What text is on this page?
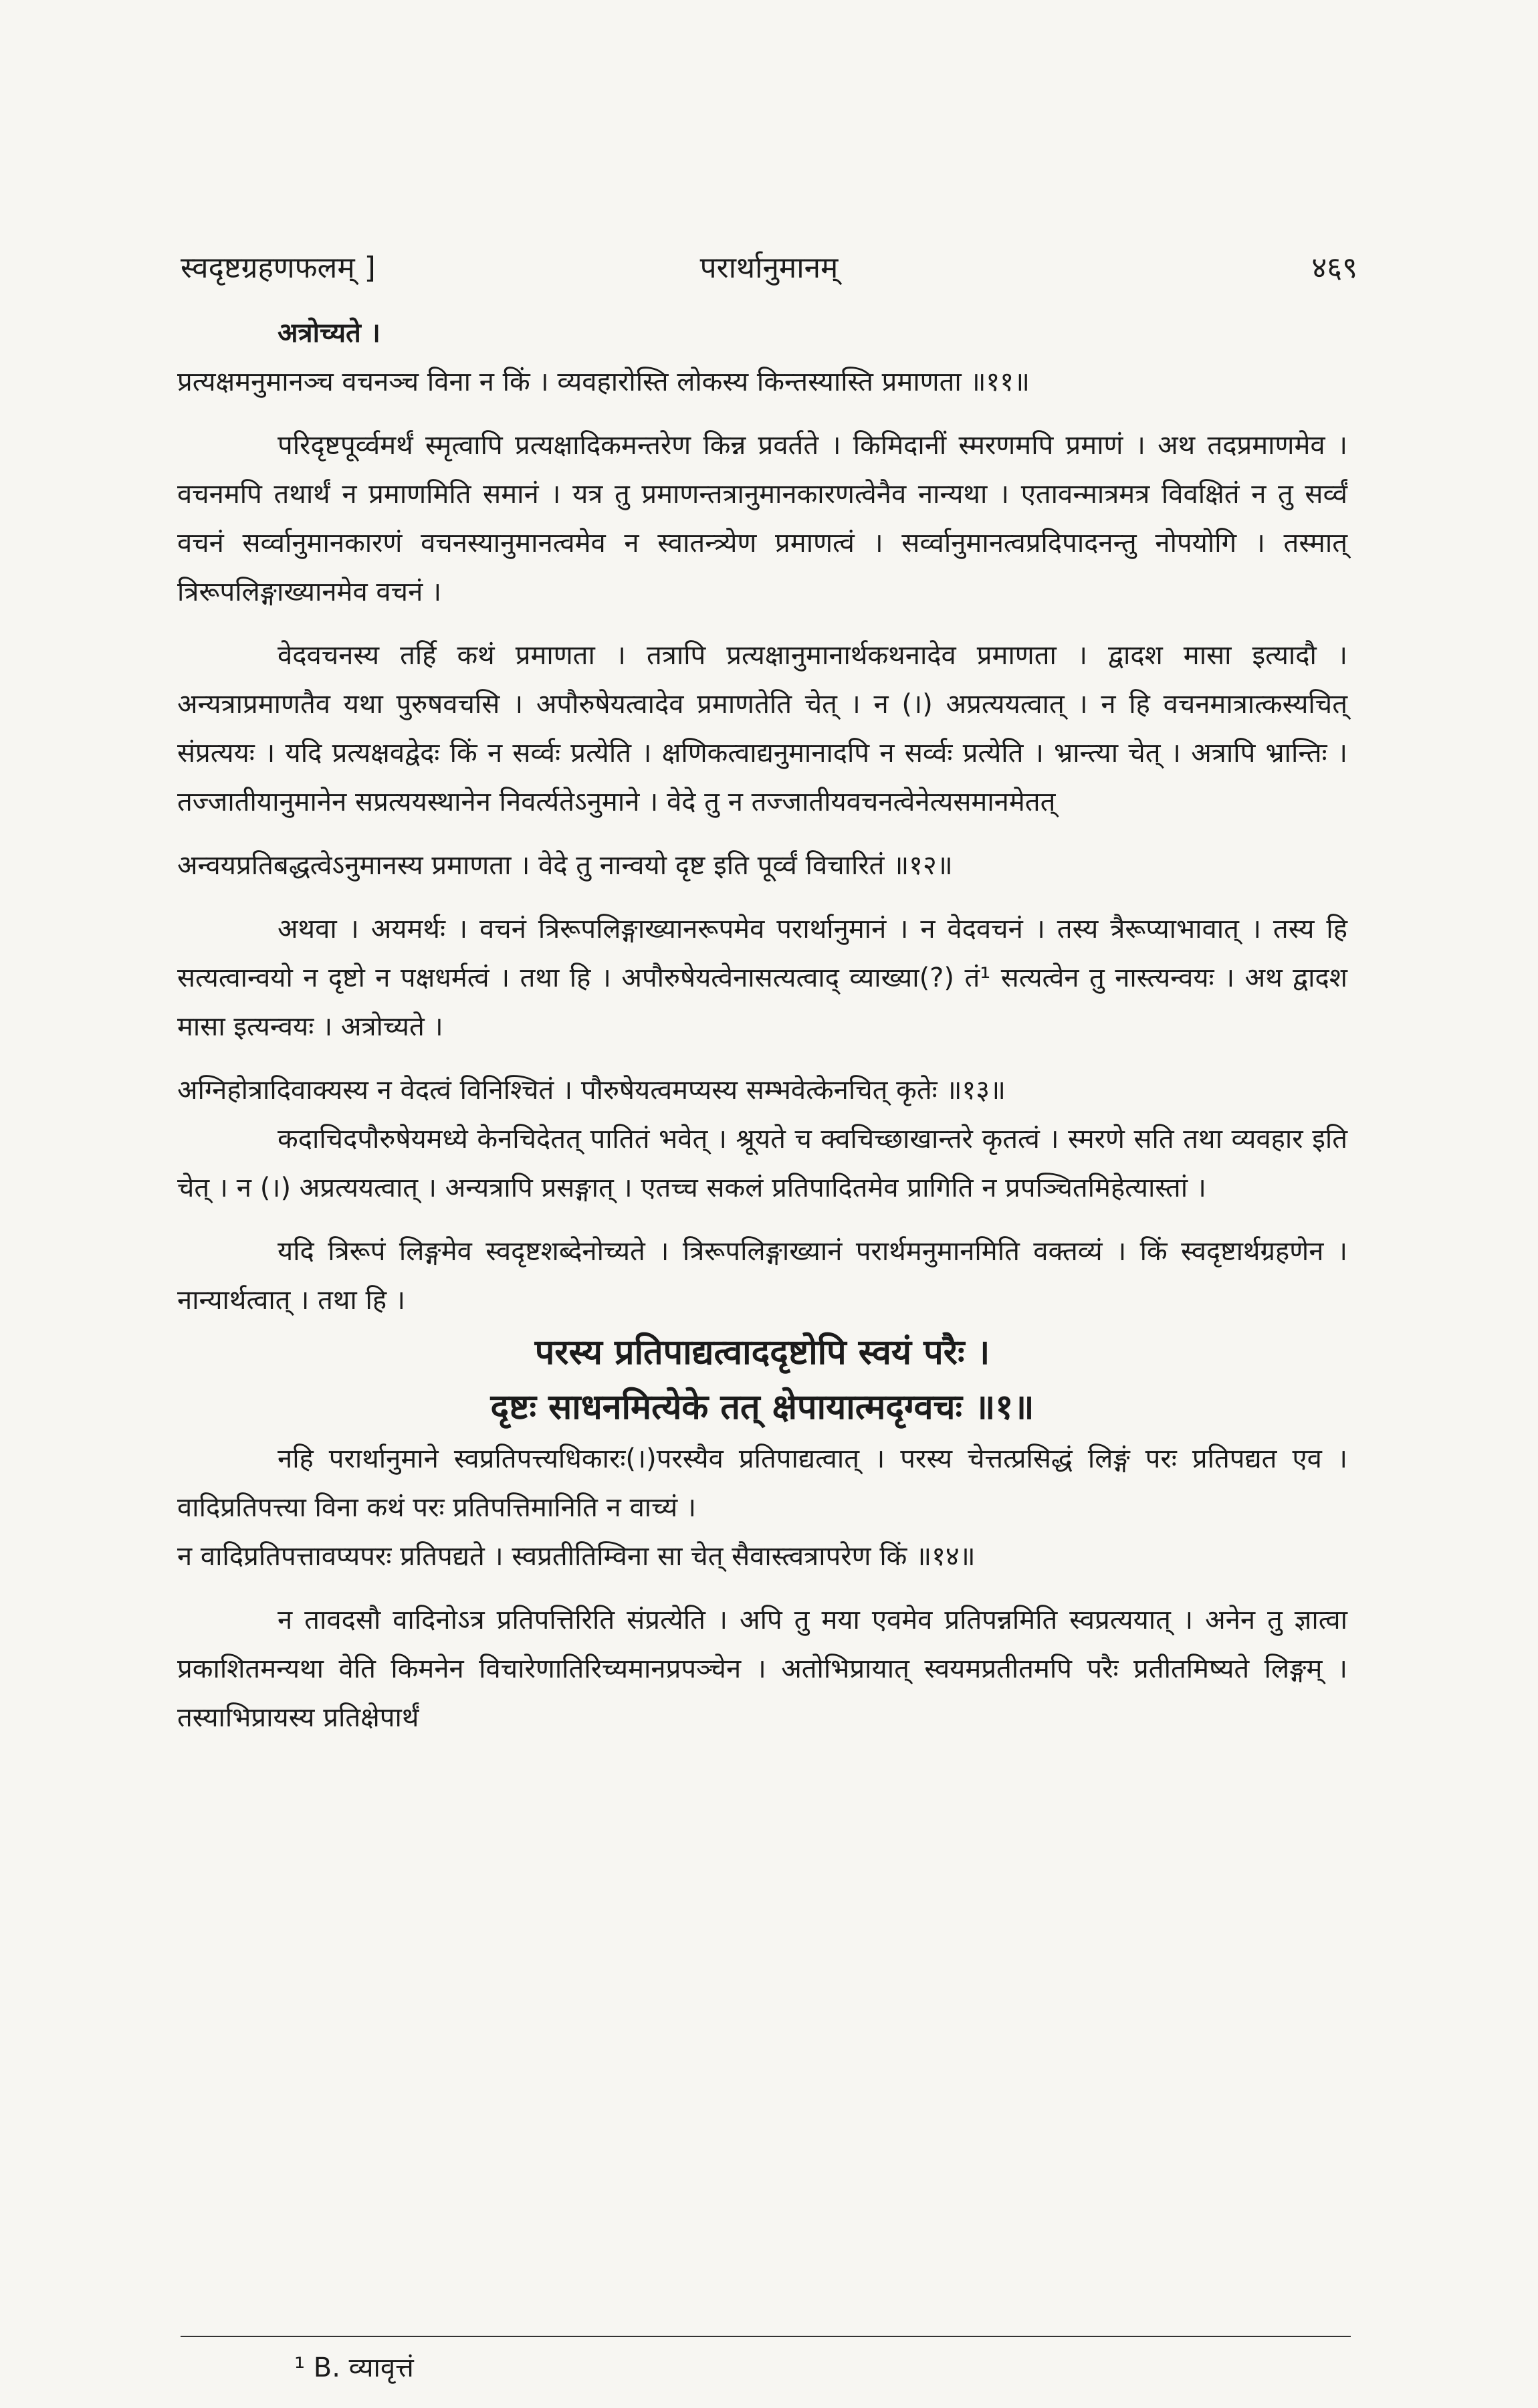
स्वदृष्टग्रहणफलम् ]	परार्थानुमानम्	४६९

अत्रोच्यते ।

प्रत्यक्षमनुमानञ्च वचनञ्च विना न किं । व्यवहारोस्ति लोकस्य किन्तस्यास्ति प्रमाणता ॥११॥

परिदृष्टपूर्व्वमर्थं स्मृत्वापि प्रत्यक्षादिकमन्तरेण किन्न प्रवर्तते । किमिदानीं स्मरणमपि प्रमाणं । अथ तदप्रमाणमेव । वचनमपि तथार्थं न प्रमाणमिति समानं । यत्र तु प्रमाणन्तत्रानुमानकारणत्वेनैव नान्यथा । एतावन्मात्रमत्र विवक्षितं न तु सर्व्वं वचनं सर्व्वानुमानकारणं वचनस्यानुमानत्वमेव न स्वातन्त्र्येण प्रमाणत्वं । सर्व्वानुमानत्वप्रदिपादनन्तु नोपयोगि । तस्मात् त्रिरूपलिङ्गाख्यानमेव वचनं ।

वेदवचनस्य तर्हि कथं प्रमाणता । तत्रापि प्रत्यक्षानुमानार्थकथनादेव प्रमाणता । द्वादश मासा इत्यादौ । अन्यत्राप्रमाणतैव यथा पुरुषवचसि । अपौरुषेयत्वादेव प्रमाणतेति चेत् । न (।) अप्रत्ययत्वात् । न हि वचनमात्रात्कस्यचित् संप्रत्ययः । यदि प्रत्यक्षवद्वेदः किं न सर्व्वः प्रत्येति । क्षणिकत्वाद्यनुमानादपि न सर्व्वः प्रत्येति । भ्रान्त्या चेत् । अत्रापि भ्रान्तिः । तज्जातीयानुमानेन सप्रत्ययस्थानेन निवर्त्यतेऽनुमाने । वेदे तु न तज्जातीयवचनत्वेनेत्यसमानमेतत्

अन्वयप्रतिबद्धत्वेऽनुमानस्य प्रमाणता । वेदे तु नान्वयो दृष्ट इति पूर्व्वं विचारितं ॥१२॥

अथवा । अयमर्थः । वचनं त्रिरूपलिङ्गाख्यानरूपमेव परार्थानुमानं । न वेदवचनं । तस्य त्रैरूप्याभावात् । तस्य हि सत्यत्वान्वयो न दृष्टो न पक्षधर्मत्वं । तथा हि । अपौरुषेयत्वेनासत्यत्वाद् व्याख्या(?) तं¹ सत्यत्वेन तु नास्त्यन्वयः । अथ द्वादश मासा इत्यन्वयः । अत्रोच्यते ।

अग्निहोत्रादिवाक्यस्य न वेदत्वं विनिश्चितं । पौरुषेयत्वमप्यस्य सम्भवेत्केनचित् कृतेः ॥१३॥

कदाचिदपौरुषेयमध्ये केनचिदेतत् पातितं भवेत् । श्रूयते च क्वचिच्छाखान्तरे कृतत्वं । स्मरणे सति तथा व्यवहार इति चेत् । न (।) अप्रत्ययत्वात् । अन्यत्रापि प्रसङ्गात् । एतच्च सकलं प्रतिपादितमेव प्रागिति न प्रपञ्चितमिहेत्यास्तां ।

यदि त्रिरूपं लिङ्गमेव स्वदृष्टशब्देनोच्यते । त्रिरूपलिङ्गाख्यानं परार्थमनुमानमिति वक्तव्यं । किं स्वदृष्टार्थग्रहणेन । नान्यार्थत्वात् । तथा हि ।

परस्य प्रतिपाद्यत्वाददृष्टोपि स्वयं परैः ।

दृष्टः साधनमित्येके तत् क्षेपायात्मदृग्वचः ॥१॥

नहि परार्थानुमाने स्वप्रतिपत्त्यधिकारः(।)परस्यैव प्रतिपाद्यत्वात् । परस्य चेत्तत्प्रसिद्धं लिङ्गं परः प्रतिपद्यत एव । वादिप्रतिपत्त्या विना कथं परः प्रतिपत्तिमानिति न वाच्यं ।

न वादिप्रतिपत्तावप्यपरः प्रतिपद्यते । स्वप्रतीतिम्विना सा चेत् सैवास्त्वत्रापरेण किं ॥१४॥

न तावदसौ वादिनोऽत्र प्रतिपत्तिरिति संप्रत्येति । अपि तु मया एवमेव प्रतिपन्नमिति स्वप्रत्ययात् । अनेन तु ज्ञात्वा प्रकाशितमन्यथा वेति किमनेन विचारेणातिरिच्यमानप्रपञ्चेन । अतोभिप्रायात् स्वयमप्रतीतमपि परैः प्रतीतमिष्यते लिङ्गम् । तस्याभिप्रायस्य प्रतिक्षेपार्थं

¹ B. व्यावृत्तं
